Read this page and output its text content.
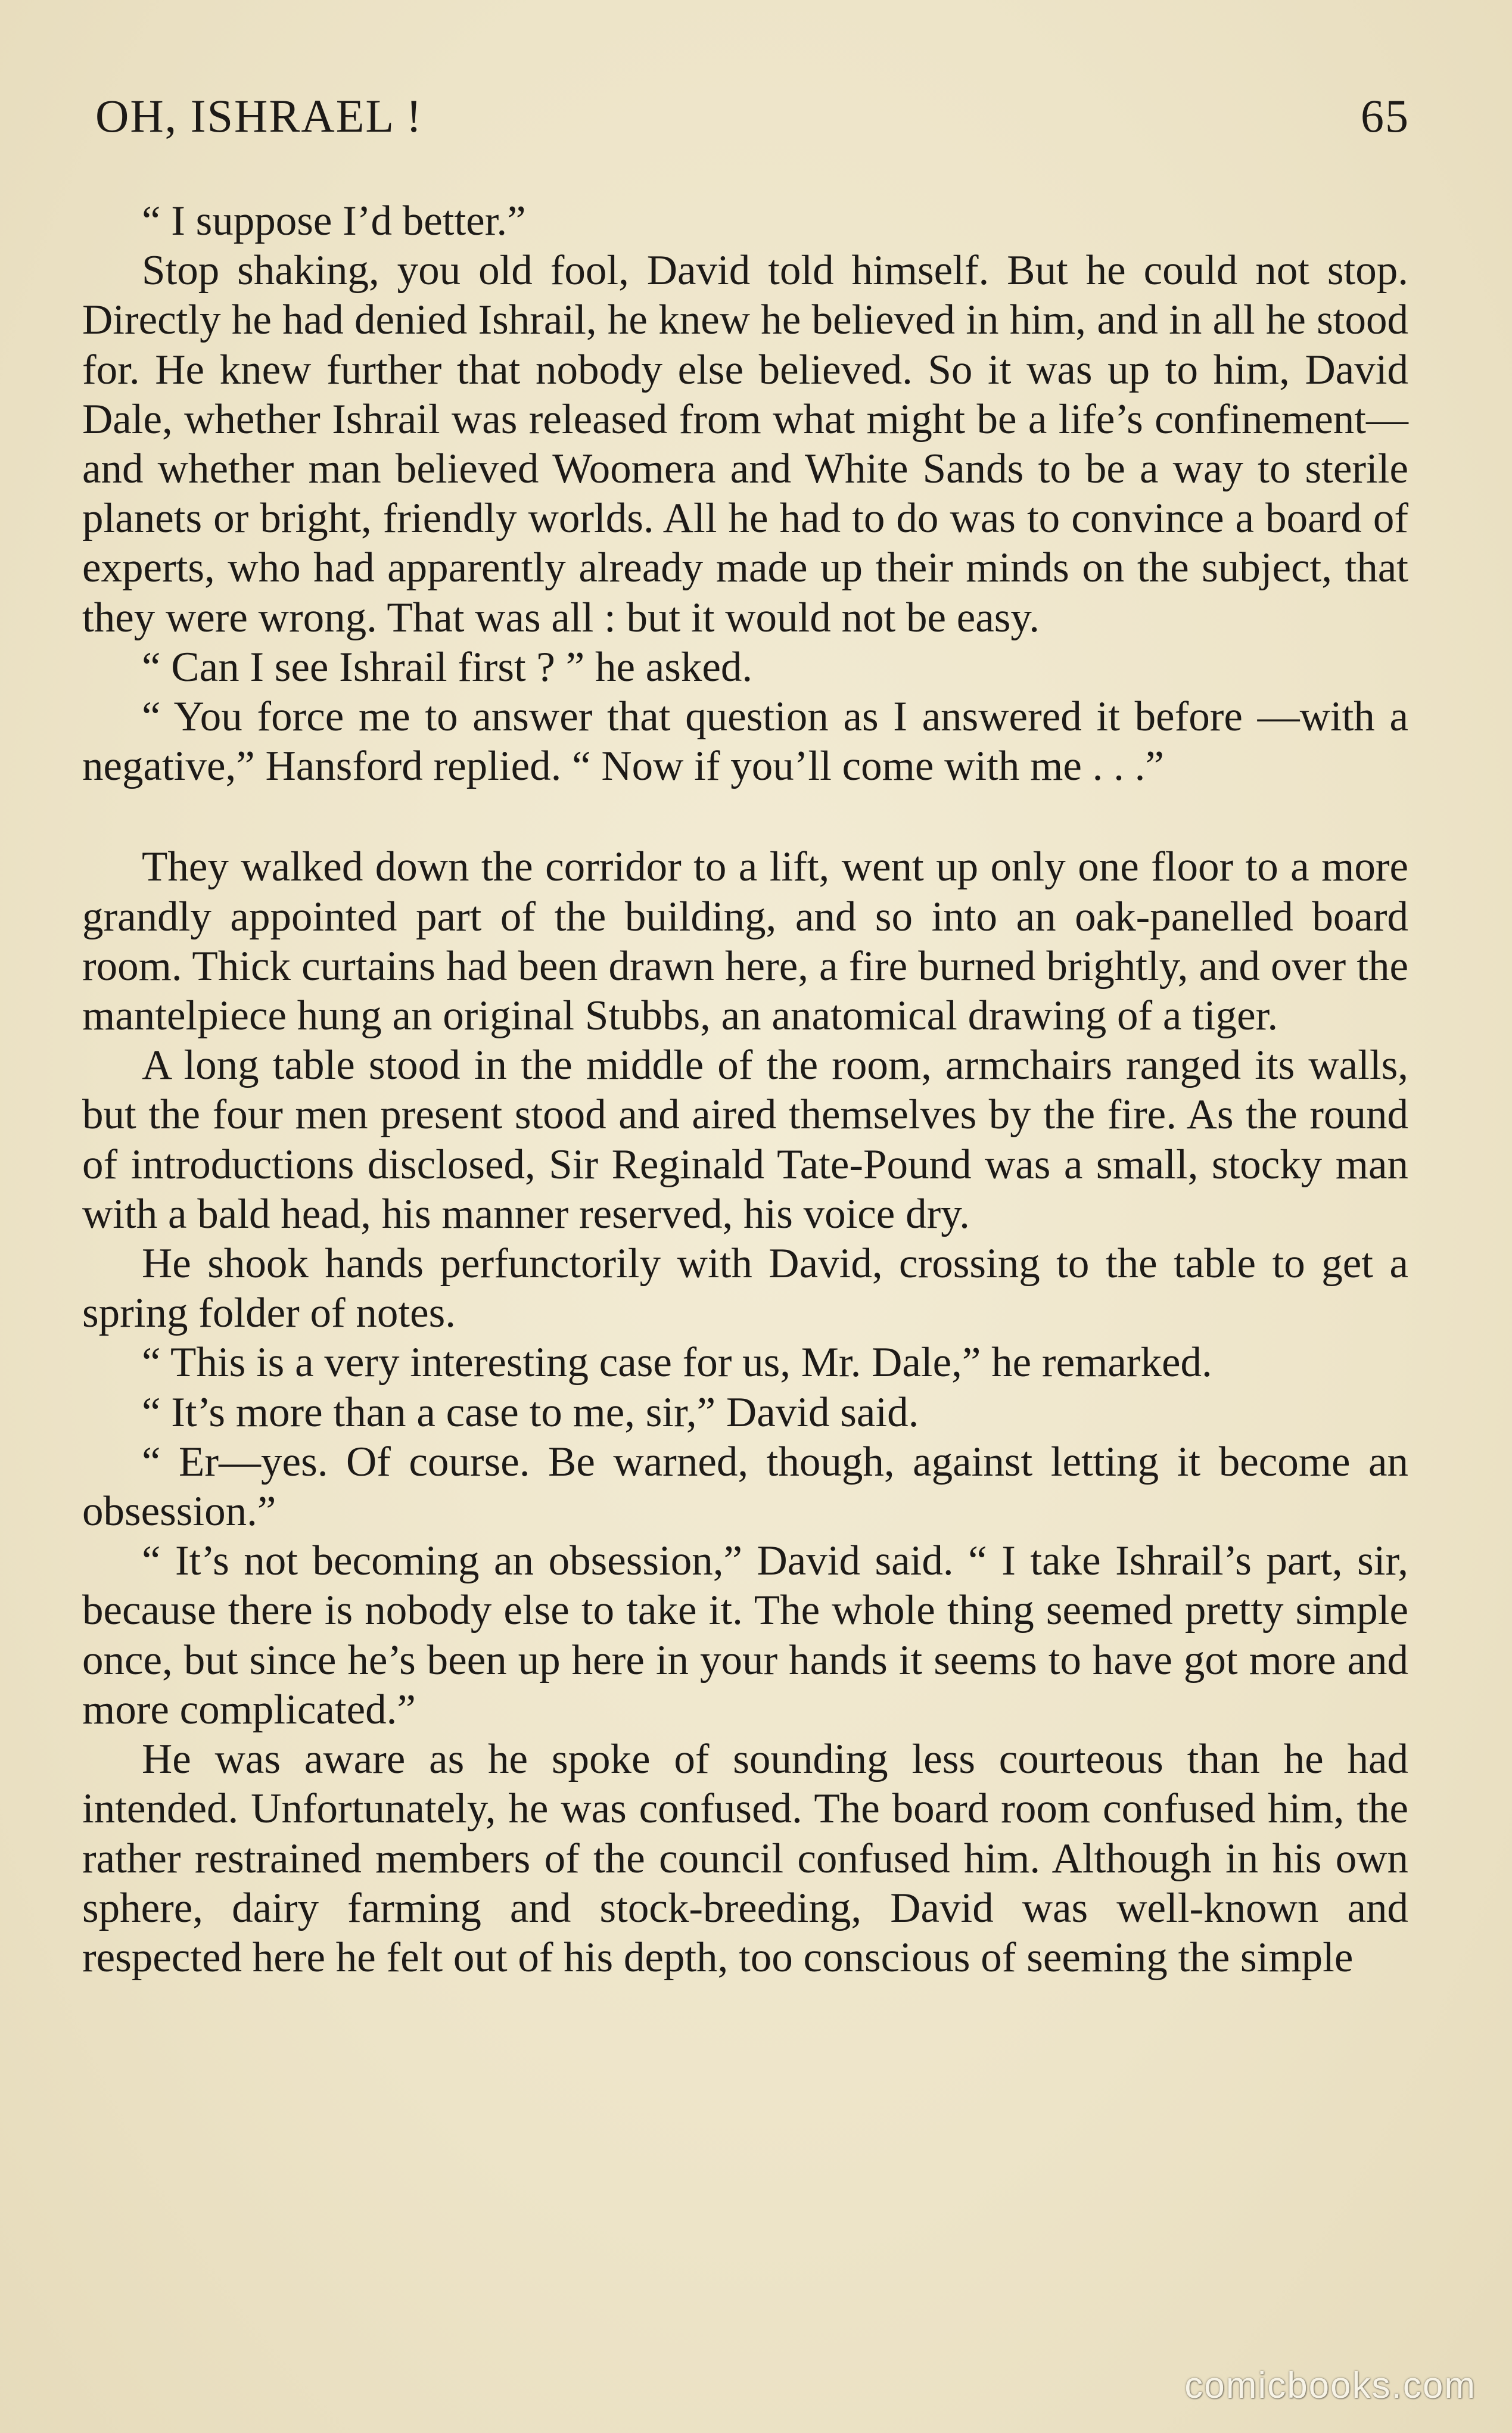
OH, ISHRAEL !	65

“ I suppose I’d better.”

Stop shaking, you old fool, David told himself. But he could not stop. Directly he had denied Ishrail, he knew he believed in him, and in all he stood for. He knew further that nobody else believed. So it was up to him, David Dale, whether Ishrail was released from what might be a life’s confinement—and whether man believed Woomera and White Sands to be a way to sterile planets or bright, friendly worlds. All he had to do was to convince a board of experts, who had apparently already made up their minds on the subject, that they were wrong. That was all : but it would not be easy.

“ Can I see Ishrail first ? ” he asked.

“ You force me to answer that question as I answered it before —with a negative,” Hansford replied. “ Now if you’ll come with me . . .”

They walked down the corridor to a lift, went up only one floor to a more grandly appointed part of the building, and so into an oak-panelled board room. Thick curtains had been drawn here, a fire burned brightly, and over the mantelpiece hung an original Stubbs, an anatomical drawing of a tiger.

A long table stood in the middle of the room, armchairs ranged its walls, but the four men present stood and aired themselves by the fire. As the round of introductions disclosed, Sir Reginald Tate-Pound was a small, stocky man with a bald head, his manner reserved, his voice dry.

He shook hands perfunctorily with David, crossing to the table to get a spring folder of notes.

“ This is a very interesting case for us, Mr. Dale,” he remarked.

“ It’s more than a case to me, sir,” David said.

“ Er—yes. Of course. Be warned, though, against letting it become an obsession.”

“ It’s not becoming an obsession,” David said. “ I take Ishrail’s part, sir, because there is nobody else to take it. The whole thing seemed pretty simple once, but since he’s been up here in your hands it seems to have got more and more complicated.”

He was aware as he spoke of sounding less courteous than he had intended. Unfortunately, he was confused. The board room confused him, the rather restrained members of the council confused him. Although in his own sphere, dairy farming and stock-breeding, David was well-known and respected here he felt out of his depth, too conscious of seeming the simple

comicbooks.com
